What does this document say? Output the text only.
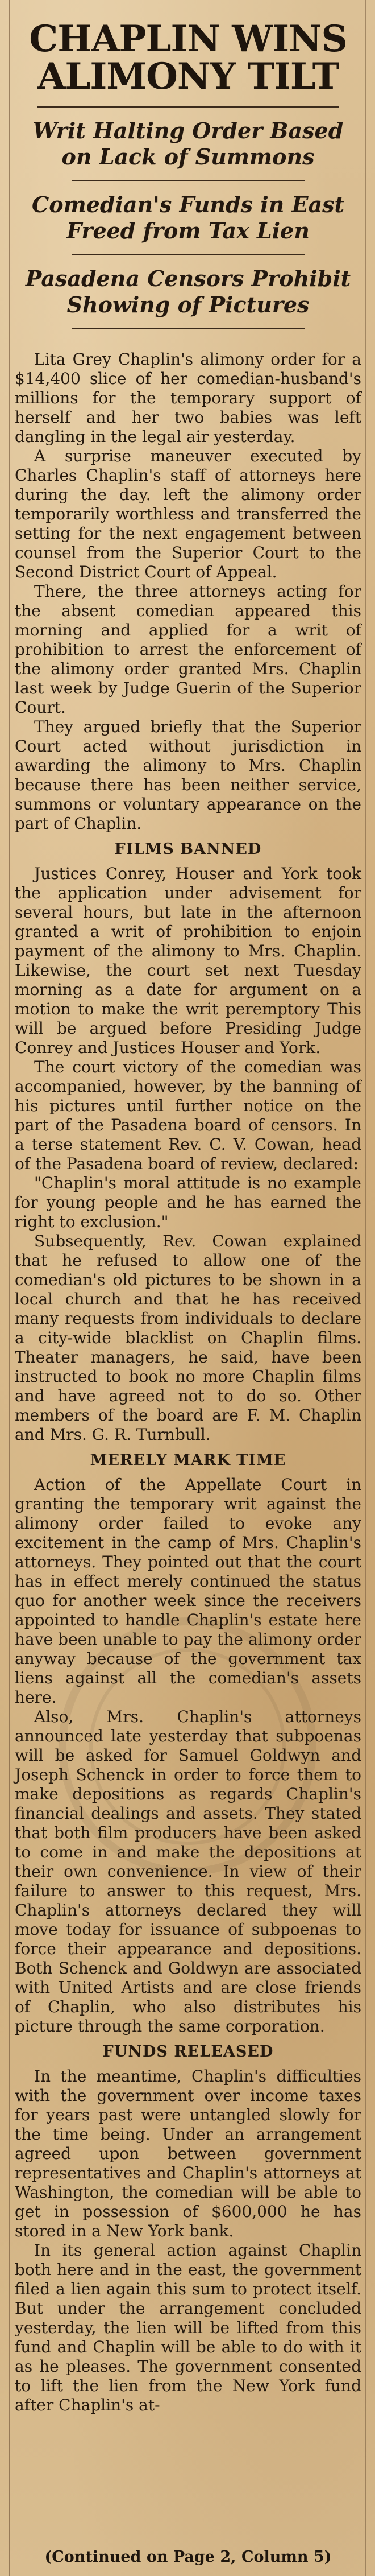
CHAPLIN WINS
ALIMONY TILT
Writ Halting Order Based on Lack of Summons
Comedian's Funds in East Freed from Tax Lien
Pasadena Censors Prohibit Showing of Pictures

Lita Grey Chaplin's alimony order for a $14,400 slice of her comedian-husband's millions for the temporary support of herself and her two babies was left dangling in the legal air yesterday.

A surprise maneuver executed by Charles Chaplin's staff of attorneys here during the day. left the alimony order temporarily worthless and transferred the setting for the next engagement between counsel from the Superior Court to the Second District Court of Appeal.

There, the three attorneys acting for the absent comedian appeared this morning and applied for a writ of prohibition to arrest the enforcement of the alimony order granted Mrs. Chaplin last week by Judge Guerin of the Superior Court.

They argued briefly that the Superior Court acted without jurisdiction in awarding the alimony to Mrs. Chaplin because there has been neither service, summons or voluntary appearance on the part of Chaplin.

FILMS BANNED

Justices Conrey, Houser and York took the application under advisement for several hours, but late in the afternoon granted a writ of prohibition to enjoin payment of the alimony to Mrs. Chaplin. Likewise, the court set next Tuesday morning as a date for argument on a motion to make the writ peremptory This will be argued before Presiding Judge Conrey and Justices Houser and York.

The court victory of the comedian was accompanied, however, by the banning of his pictures until further notice on the part of the Pasadena board of censors. In a terse statement Rev. C. V. Cowan, head of the Pasadena board of review, declared:

"Chaplin's moral attitude is no example for young people and he has earned the right to exclusion."

Subsequently, Rev. Cowan explained that he refused to allow one of the comedian's old pictures to be shown in a local church and that he has received many requests from individuals to declare a city-wide blacklist on Chaplin films. Theater managers, he said, have been instructed to book no more Chaplin films and have agreed not to do so. Other members of the board are F. M. Chaplin and Mrs. G. R. Turnbull.

MERELY MARK TIME

Action of the Appellate Court in granting the temporary writ against the alimony order failed to evoke any excitement in the camp of Mrs. Chaplin's attorneys. They pointed out that the court has in effect merely continued the status quo for another week since the receivers appointed to handle Chaplin's estate here have been unable to pay the alimony order anyway because of the government tax liens against all the comedian's assets here.

Also, Mrs. Chaplin's attorneys announced late yesterday that subpoenas will be asked for Samuel Goldwyn and Joseph Schenck in order to force them to make depositions as regards Chaplin's financial dealings and assets. They stated that both film producers have been asked to come in and make the depositions at their own convenience. In view of their failure to answer to this request, Mrs. Chaplin's attorneys declared they will move today for issuance of subpoenas to force their appearance and depositions. Both Schenck and Goldwyn are associated with United Artists and are close friends of Chaplin, who also distributes his picture through the same corporation.

FUNDS RELEASED

In the meantime, Chaplin's difficulties with the government over income taxes for years past were untangled slowly for the time being. Under an arrangement agreed upon between government representatives and Chaplin's attorneys at Washington, the comedian will be able to get in possession of $600,000 he has stored in a New York bank.

In its general action against Chaplin both here and in the east, the government filed a lien again this sum to protect itself. But under the arrangement concluded yesterday, the lien will be lifted from this fund and Chaplin will be able to do with it as he pleases. The government consented to lift the lien from the New York fund after Chaplin's at-

(Continued on Page 2, Column 5)
